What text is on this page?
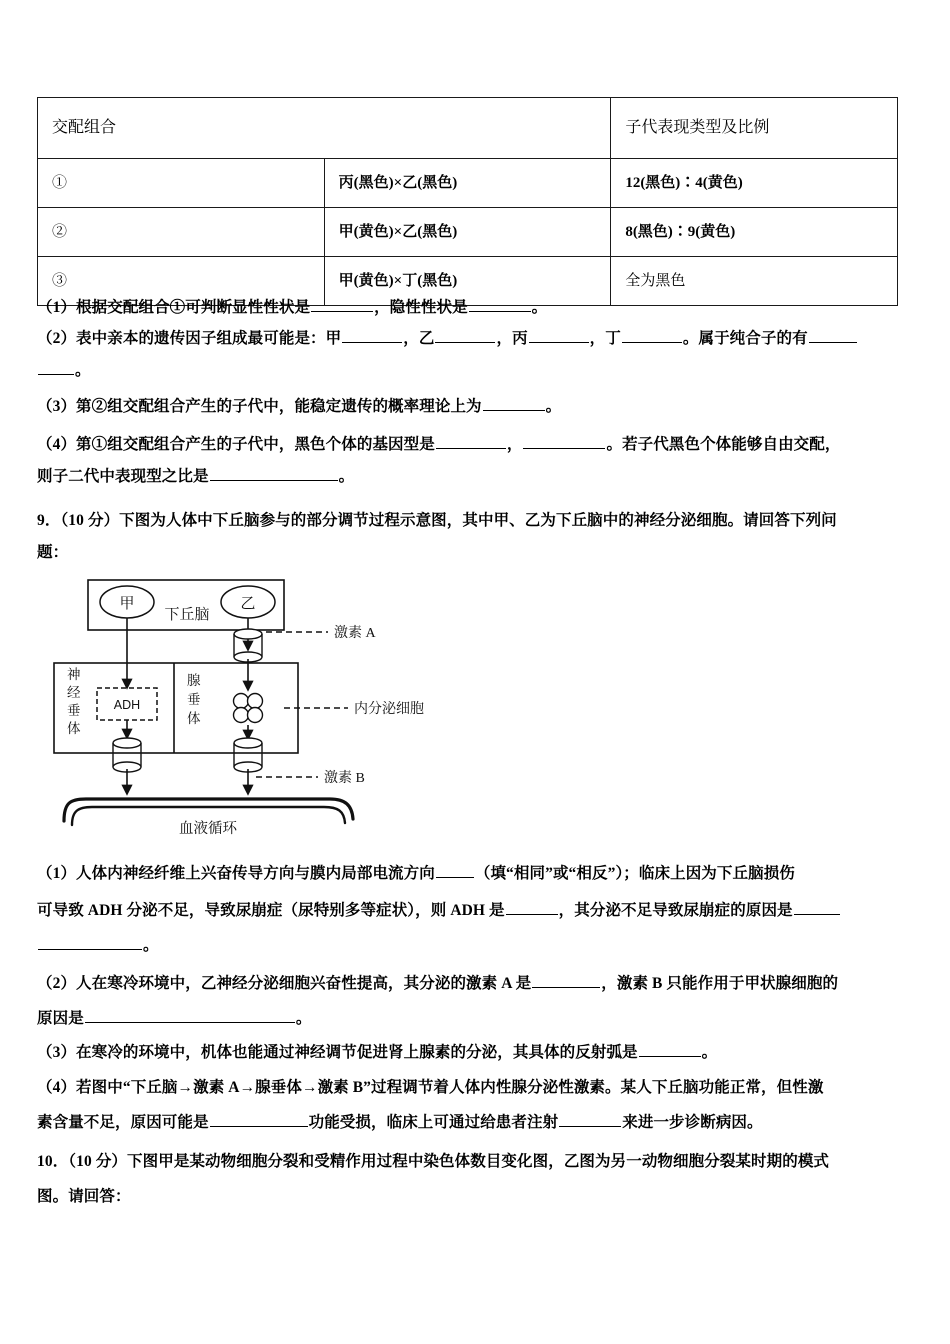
交配组合		子代表现类型及比例
①	丙(黑色)×乙(黑色)	12(黑色)∶4(黄色)
②	甲(黄色)×乙(黑色)	8(黑色)∶9(黄色)
③	甲(黄色)×丁(黑色)	全为黑色
（1）根据交配组合①可判断显性性状是	，隐性性状是	。
（2）表中亲本的遗传因子组成最可能是：甲	，乙	，丙	，丁	。属于纯合子的有
。
（3）第②组交配组合产生的子代中，能稳定遗传的概率理论上为	。
（4）第①组交配组合产生的子代中，黑色个体的基因型是	，	。若子代黑色个体能够自由交配，
则子二代中表现型之比是	。
9．（10 分）下图为人体中下丘脑参与的部分调节过程示意图，其中甲、乙为下丘脑中的神经分泌细胞。请回答下列问
题：
甲	乙
下丘脑
激素 A
神 经 垂 体
腺 垂 体
ADH	内分泌细胞
激素 B
血液循环
（1）人体内神经纤维上兴奋传导方向与膜内局部电流方向	（填“相同”或“相反”）；临床上因为下丘脑损伤
可导致 ADH 分泌不足，导致尿崩症（尿特别多等症状），则 ADH 是	，其分泌不足导致尿崩症的原因是
。
（2）人在寒冷环境中，乙神经分泌细胞兴奋性提高，其分泌的激素 A 是	，激素 B 只能作用于甲状腺细胞的
原因是	。
（3）在寒冷的环境中，机体也能通过神经调节促进肾上腺素的分泌，其具体的反射弧是	。
（4）若图中“下丘脑→激素 A→腺垂体→激素 B”过程调节着人体内性腺分泌性激素。某人下丘脑功能正常，但性激
素含量不足，原因可能是	功能受损，临床上可通过给患者注射	来进一步诊断病因。
10．（10 分）下图甲是某动物细胞分裂和受精作用过程中染色体数目变化图，乙图为另一动物细胞分裂某时期的模式
图。请回答：
